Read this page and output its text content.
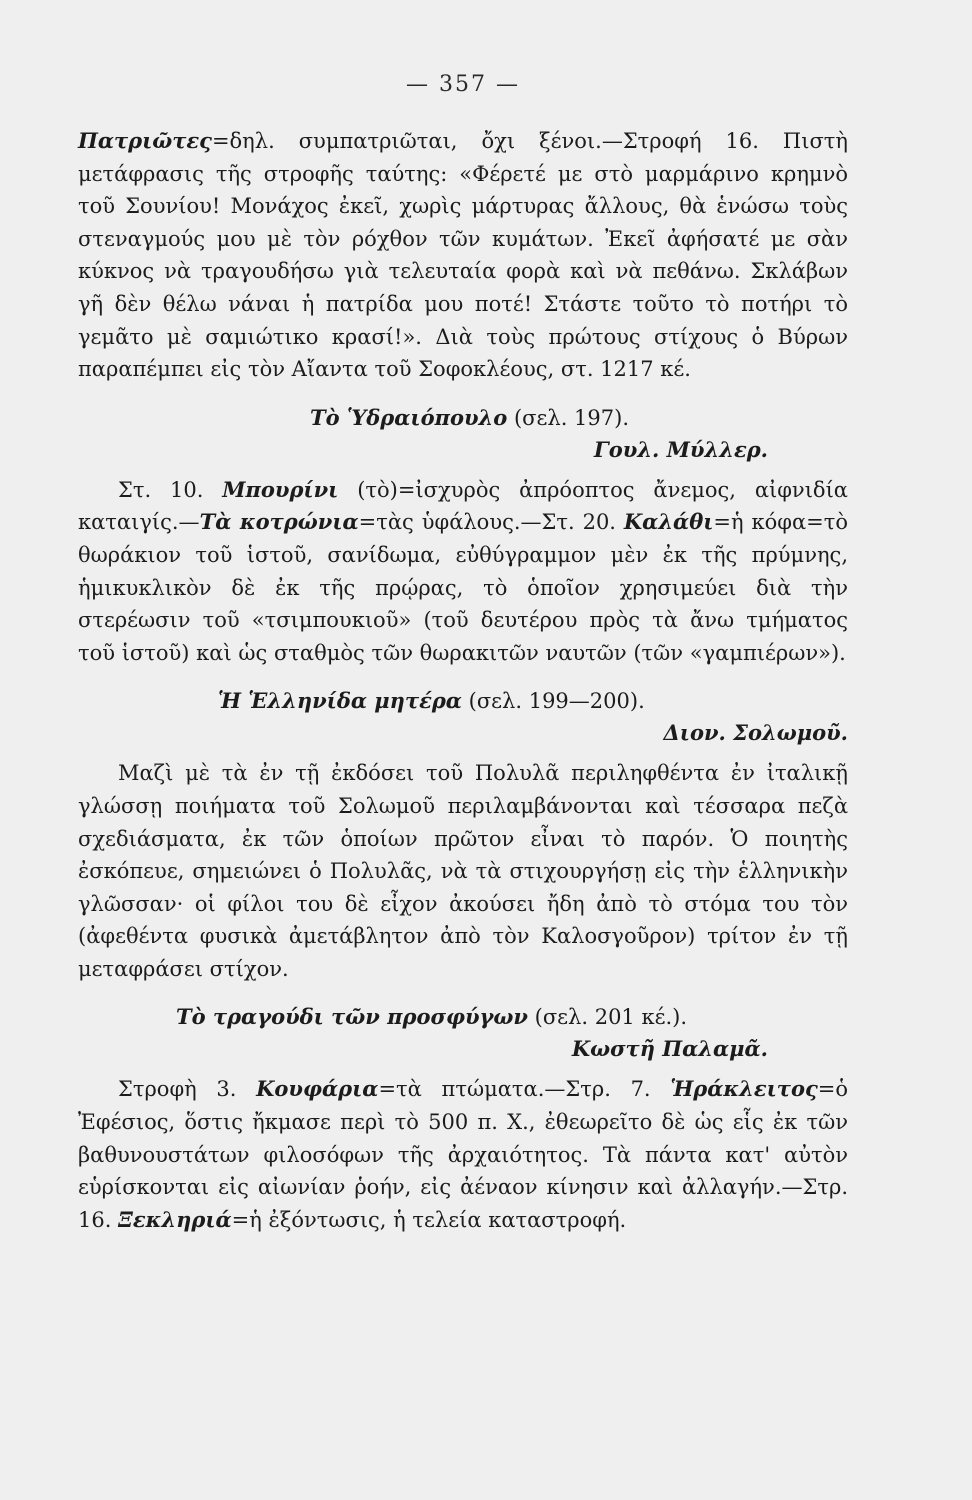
— 357 —

Πατριῶτες=δηλ. συμπατριῶται, ὄχι ξένοι.—Στροφή 16. Πιστὴ μετάφρασις τῆς στροφῆς ταύτης: «Φέρετέ με στὸ μαρμάρινο κρημνὸ τοῦ Σουνίου! Μονάχος ἐκεῖ, χωρὶς μάρτυρας ἄλλους, θὰ ἑνώσω τοὺς στεναγμούς μου μὲ τὸν ρόχθον τῶν κυμάτων. Ἐκεῖ ἀφήσατέ με σὰν κύκνος νὰ τραγουδήσω γιὰ τελευταία φορὰ καὶ νὰ πεθάνω. Σκλάβων γῆ δὲν θέλω νάναι ἡ πατρίδα μου ποτέ! Στάστε τοῦτο τὸ ποτήρι τὸ γεμᾶτο μὲ σαμιώτικο κρασί!». Διὰ τοὺς πρώτους στίχους ὁ Βύρων παραπέμπει εἰς τὸν Αἴαντα τοῦ Σοφοκλέους, στ. 1217 κέ.

Τὸ Ὑδραιόπουλο (σελ. 197).

Γουλ. Μύλλερ.

Στ. 10. Μπουρίνι (τὸ)=ἰσχυρὸς ἀπρόοπτος ἄνεμος, αἰφνιδία καταιγίς.—Τὰ κοτρώνια=τὰς ὑφάλους.—Στ. 20. Καλάθι=ἡ κόφα=τὸ θωράκιον τοῦ ἱστοῦ, σανίδωμα, εὐθύγραμμον μὲν ἐκ τῆς πρύμνης, ἡμικυκλικὸν δὲ ἐκ τῆς πρῴρας, τὸ ὁποῖον χρησιμεύει διὰ τὴν στερέωσιν τοῦ «τσιμπουκιοῦ» (τοῦ δευτέρου πρὸς τὰ ἄνω τμήματος τοῦ ἱστοῦ) καὶ ὡς σταθμὸς τῶν θωρακιτῶν ναυτῶν (τῶν «γαμπιέρων»).

Ἡ Ἑλληνίδα μητέρα (σελ. 199—200).

Διον. Σολωμοῦ.

Μαζὶ μὲ τὰ ἐν τῇ ἐκδόσει τοῦ Πολυλᾶ περιληφθέντα ἐν ἰταλικῇ γλώσσῃ ποιήματα τοῦ Σολωμοῦ περιλαμβάνονται καὶ τέσσαρα πεζὰ σχεδιάσματα, ἐκ τῶν ὁποίων πρῶτον εἶναι τὸ παρόν. Ὁ ποιητὴς ἐσκόπευε, σημειώνει ὁ Πολυλᾶς, νὰ τὰ στιχουργήσῃ εἰς τὴν ἑλληνικὴν γλῶσσαν· οἱ φίλοι του δὲ εἶχον ἀκούσει ἤδη ἀπὸ τὸ στόμα του τὸν (ἀφεθέντα φυσικὰ ἀμετάβλητον ἀπὸ τὸν Καλοσγοῦρον) τρίτον ἐν τῇ μεταφράσει στίχον.

Τὸ τραγούδι τῶν προσφύγων (σελ. 201 κέ.).

Κωστῆ Παλαμᾶ.

Στροφὴ 3. Κουφάρια=τὰ πτώματα.—Στρ. 7. Ἡράκλειτος=ὁ Ἐφέσιος, ὅστις ἤκμασε περὶ τὸ 500 π. Χ., ἐθεωρεῖτο δὲ ὡς εἷς ἐκ τῶν βαθυνουστάτων φιλοσόφων τῆς ἀρχαιότητος. Τὰ πάντα κατ' αὐτὸν εὑρίσκονται εἰς αἰωνίαν ῥοήν, εἰς ἀέναον κίνησιν καὶ ἀλλαγήν.—Στρ. 16. Ξεκληριά=ἡ ἐξόντωσις, ἡ τελεία καταστροφή.
